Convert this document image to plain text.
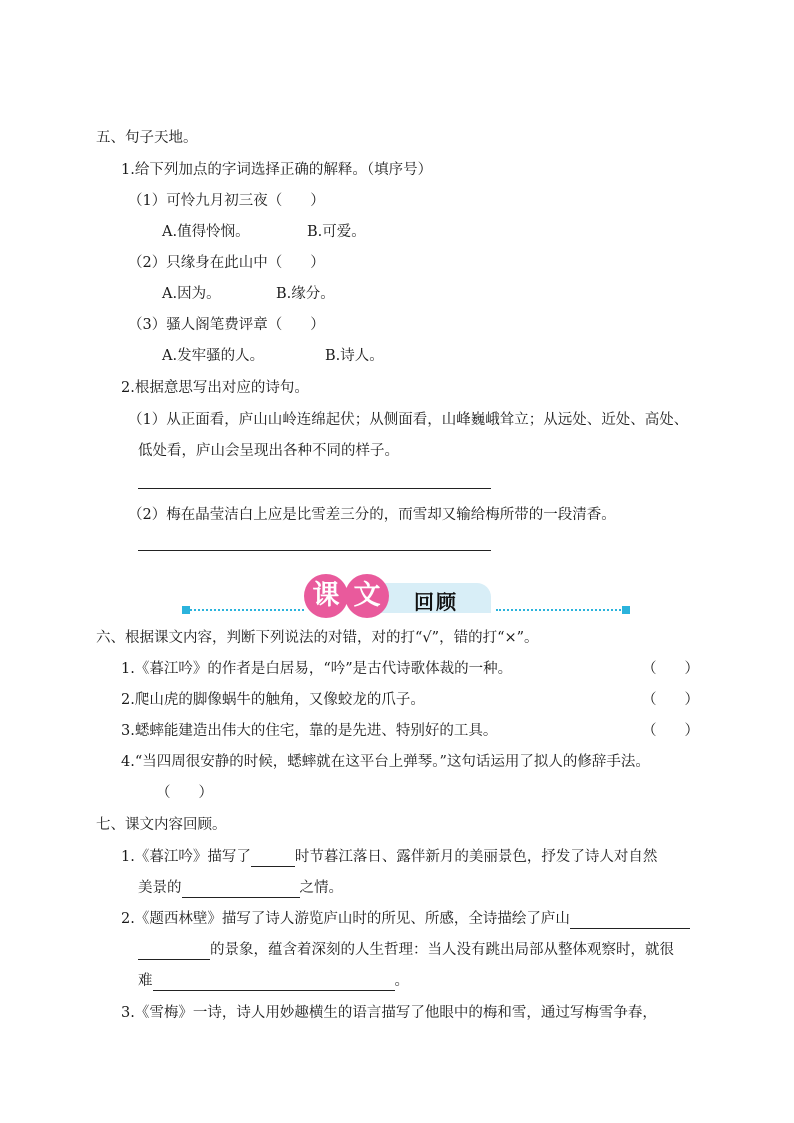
五、句子天地。
1.给下列加点的字词选择正确的解释。（填序号）
（1）可怜九月初三夜（ ）
A.值得怜悯。	B.可爱。
（2）只缘身在此山中（ ）
A.因为。	B.缘分。
（3）骚人阁笔费评章（ ）
A.发牢骚的人。	B.诗人。
2.根据意思写出对应的诗句。
（1）从正面看，庐山山岭连绵起伏；从侧面看，山峰巍峨耸立；从远处、近处、高处、
低处看，庐山会呈现出各种不同的样子。
（2）梅在晶莹洁白上应是比雪差三分的，而雪却又输给梅所带的一段清香。
回顾
课 文
六、根据课文内容，判断下列说法的对错，对的打“√”，错的打“×”。
1.《暮江吟》的作者是白居易，“吟”是古代诗歌体裁的一种。	（ ）
2.爬山虎的脚像蜗牛的触角，又像蛟龙的爪子。	（ ）
3.蟋蟀能建造出伟大的住宅，靠的是先进、特别好的工具。	（ ）
4.“当四周很安静的时候，蟋蟀就在这平台上弹琴。”这句话运用了拟人的修辞手法。
（ ）
七、课文内容回顾。
1.《暮江吟》描写了	时节暮江落日、露伴新月的美丽景色，抒发了诗人对自然
美景的	之情。
2.《题西林壁》描写了诗人游览庐山时的所见、所感，全诗描绘了庐山
的景象，蕴含着深刻的人生哲理：当人没有跳出局部从整体观察时，就很
难	。
3.《雪梅》一诗，诗人用妙趣横生的语言描写了他眼中的梅和雪，通过写梅雪争春，
